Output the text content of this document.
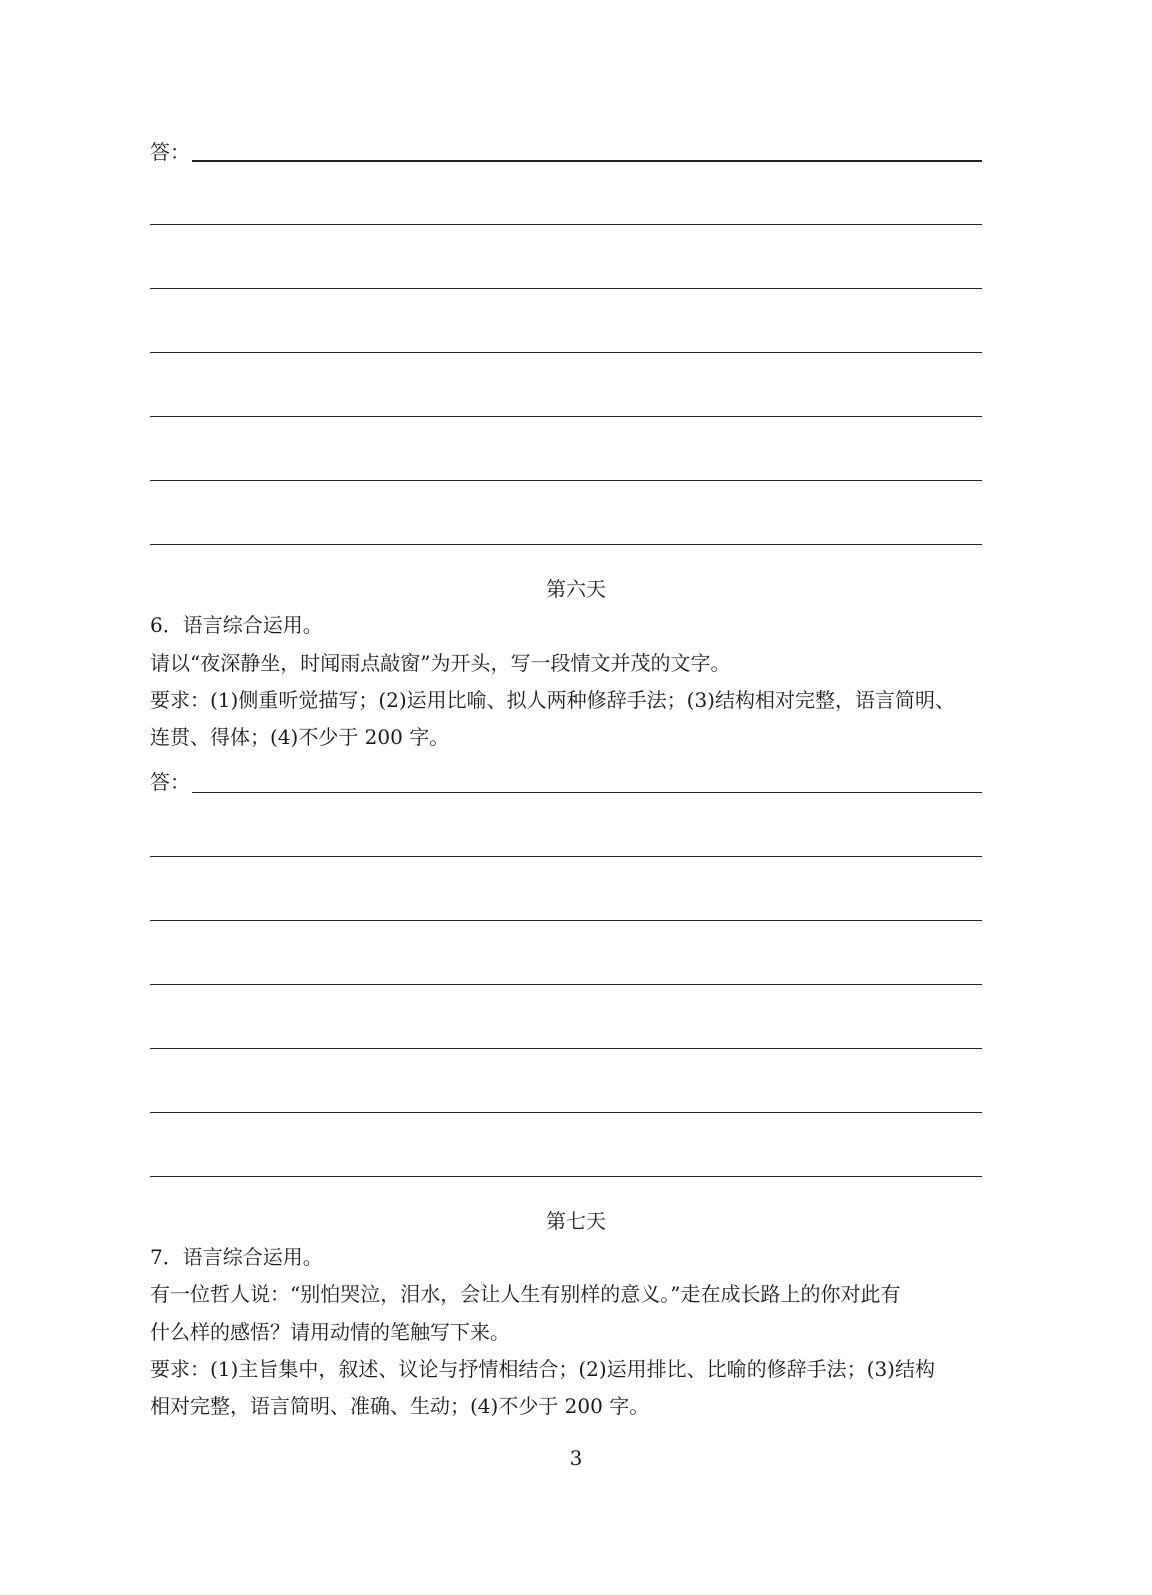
答：
第六天
6．语言综合运用。
请以“夜深静坐，时闻雨点敲窗”为开头，写一段情文并茂的文字。
要求：(1)侧重听觉描写；(2)运用比喻、拟人两种修辞手法；(3)结构相对完整，语言简明、
连贯、得体；(4)不少于 200 字。
答：
第七天
7．语言综合运用。
有一位哲人说：“别怕哭泣，泪水，会让人生有别样的意义。”走在成长路上的你对此有
什么样的感悟？请用动情的笔触写下来。
要求：(1)主旨集中，叙述、议论与抒情相结合；(2)运用排比、比喻的修辞手法；(3)结构
相对完整，语言简明、准确、生动；(4)不少于 200 字。
3
